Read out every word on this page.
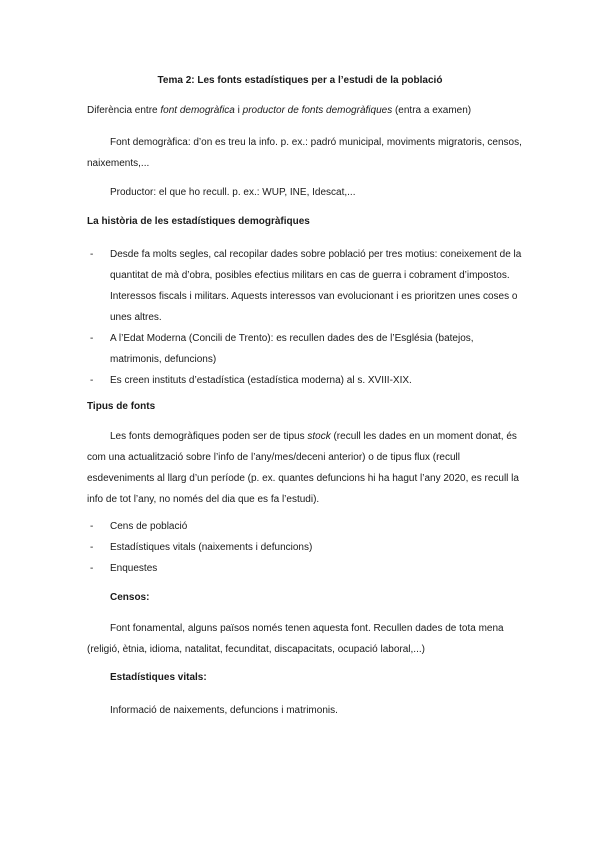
Tema 2: Les fonts estadístiques per a l’estudi de la població

Diferència entre font demogràfica i productor de fonts demogràfiques (entra a examen)

Font demogràfica: d’on es treu la info. p. ex.: padró municipal, moviments migratoris, censos, naixements,...

Productor: el que ho recull. p. ex.: WUP, INE, Idescat,...

La història de les estadístiques demogràfiques

- Desde fa molts segles, cal recopilar dades sobre població per tres motius: coneixement de la quantitat de mà d’obra, posibles efectius militars en cas de guerra i cobrament d’impostos. Interessos fiscals i militars. Aquests interessos van evolucionant i es prioritzen unes coses o unes altres.
- A l’Edat Moderna (Concili de Trento): es recullen dades des de l’Església (batejos, matrimonis, defuncions)
- Es creen instituts d’estadística (estadística moderna) al s. XVIII-XIX.

Tipus de fonts

Les fonts demogràfiques poden ser de tipus stock (recull les dades en un moment donat, és com una actualització sobre l’info de l’any/mes/deceni anterior) o de tipus flux (recull esdeveniments al llarg d’un període (p. ex. quantes defuncions hi ha hagut l’any 2020, es recull la info de tot l’any, no només del dia que es fa l’estudi).

- Cens de població
- Estadístiques vitals (naixements i defuncions)
- Enquestes

Censos:

Font fonamental, alguns països només tenen aquesta font. Recullen dades de tota mena (religió, ètnia, idioma, natalitat, fecunditat, discapacitats, ocupació laboral,...)

Estadístiques vitals:

Informació de naixements, defuncions i matrimonis.
